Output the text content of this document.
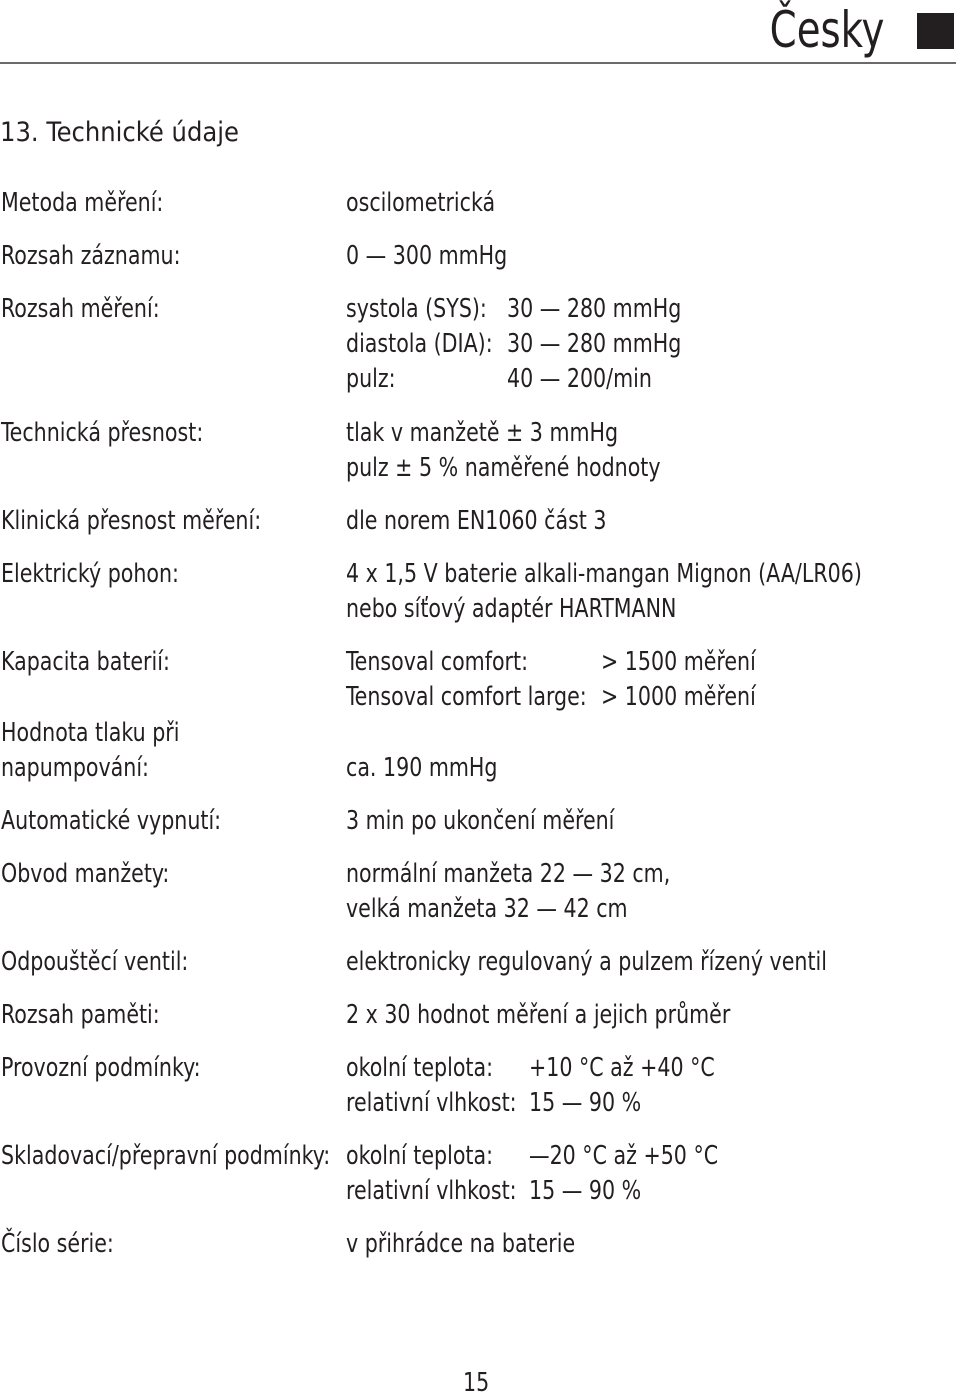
Česky
13. Technické údaje
Metoda měření:	oscilometrická
Rozsah záznamu:	0 — 300 mmHg
Rozsah měření:	systola (SYS): 30 — 280 mmHg
diastola (DIA): 30 — 280 mmHg
pulz:	40 — 200/min
Technická přesnost:	tlak v manžetě ± 3 mmHg
pulz ± 5 % naměřené hodnoty
Klinická přesnost měření:	dle norem EN1060 část 3
Elektrický pohon:	4 x 1,5 V baterie alkali-mangan Mignon (AA/LR06)
nebo síťový adaptér HARTMANN
Kapacita baterií:	Tensoval comfort:	> 1500 měření
Tensoval comfort large: > 1000 měření
Hodnota tlaku při
napumpování:	ca. 190 mmHg
Automatické vypnutí:	3 min po ukončení měření
Obvod manžety:	normální manžeta 22 — 32 cm,
velká manžeta 32 — 42 cm
Odpouštěcí ventil:	elektronicky regulovaný a pulzem řízený ventil
Rozsah paměti:	2 x 30 hodnot měření a jejich průměr
Provozní podmínky:	okolní teplota: +10 °C až +40 °C
relativní vlhkost: 15 — 90 %
Skladovací/přepravní podmínky: okolní teplota: —20 °C až +50 °C
relativní vlhkost: 15 — 90 %
Číslo série:	v přihrádce na baterie
15
